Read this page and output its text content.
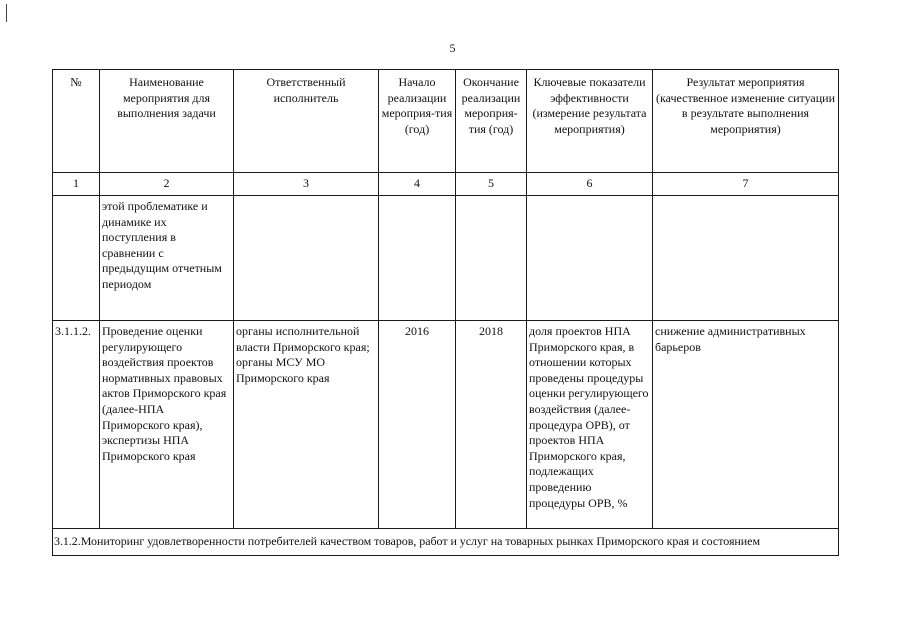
5
№	Наименование мероприятия для выполнения задачи	Ответственный исполнитель	Начало реализации мероприя-тия (год)	Окончание реализации мероприя-тия (год)	Ключевые показатели эффективности (измерение результата мероприятия)	Результат мероприятия (качественное изменение ситуации в результате выполнения мероприятия)
1	2	3	4	5	6	7
	этой проблематике и динамике их поступления в сравнении с предыдущим отчетным периодом					
3.1.1.2.	Проведение оценки регулирующего воздействия проектов нормативных правовых актов Приморского края (далее-НПА Приморского края), экспертизы НПА Приморского края	органы исполнительной власти Приморского края; органы МСУ МО Приморского края	2016	2018	доля проектов НПА Приморского края, в отношении которых проведены процедуры оценки регулирующего воздействия (далее-процедура ОРВ), от проектов НПА Приморского края, подлежащих проведению процедуры ОРВ, %	снижение административных барьеров
3.1.2.Мониторинг удовлетворенности потребителей качеством товаров, работ и услуг на товарных рынках Приморского края и состоянием						
